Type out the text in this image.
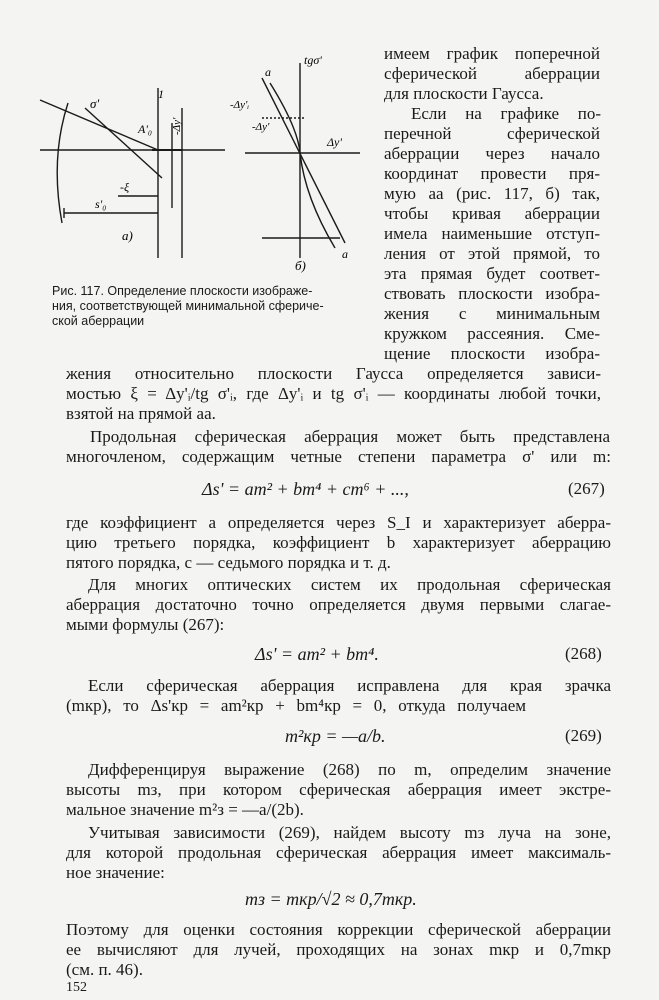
σ'
A'₀
1
-Δy'
-ξ
s'₀
а)
tgσ'
a
-Δy'ᵢ
-Δy'
Δy'
б)
a
Рис. 117. Определение плоскости изображе-
ния, соответствующей минимальной сфериче-
ской аберрации
имеем график поперечной
сферической аберрации
для плоскости Гаусса.
Если на графике по-
перечной сферической
аберрации через начало
координат провести пря-
мую aa (рис. 117, б) так,
чтобы кривая аберрации
имела наименьшие отступ-
ления от этой прямой, то
эта прямая будет соответ-
ствовать плоскости изобра-
жения с минимальным
кружком рассеяния. Сме-
щение плоскости изобра-
жения относительно плоскости Гаусса определяется зависи-
мостью ξ = Δy'ᵢ/tg σ'ᵢ, где Δy'ᵢ и tg σ'ᵢ — координаты любой точки,
взятой на прямой aa.
Продольная сферическая аберрация может быть представлена
многочленом, содержащим четные степени параметра σ' или m:
Δs' = am² + bm⁴ + cm⁶ + ...,	(267)
где коэффициент a определяется через S_I и характеризует аберра-
цию третьего порядка, коэффициент b характеризует аберрацию
пятого порядка, c — седьмого порядка и т. д.
Для многих оптических систем их продольная сферическая
аберрация достаточно точно определяется двумя первыми слагае-
мыми формулы (267):
Δs' = am² + bm⁴.	(268)
Если сферическая аберрация исправлена для края зрачка
(mкр), то Δs'кр = am²кр + bm⁴кр = 0, откуда получаем
m²кр = —a/b.	(269)
Дифференцируя выражение (268) по m, определим значение
высоты mз, при котором сферическая аберрация имеет экстре-
мальное значение m²з = —a/(2b).
Учитывая зависимости (269), найдем высоту mз луча на зоне,
для которой продольная сферическая аберрация имеет максималь-
ное значение:
mз = mкр/√2 ≈ 0,7mкр.
Поэтому для оценки состояния коррекции сферической аберрации
ее вычисляют для лучей, проходящих на зонах mкр и 0,7mкр
(см. п. 46).
152
